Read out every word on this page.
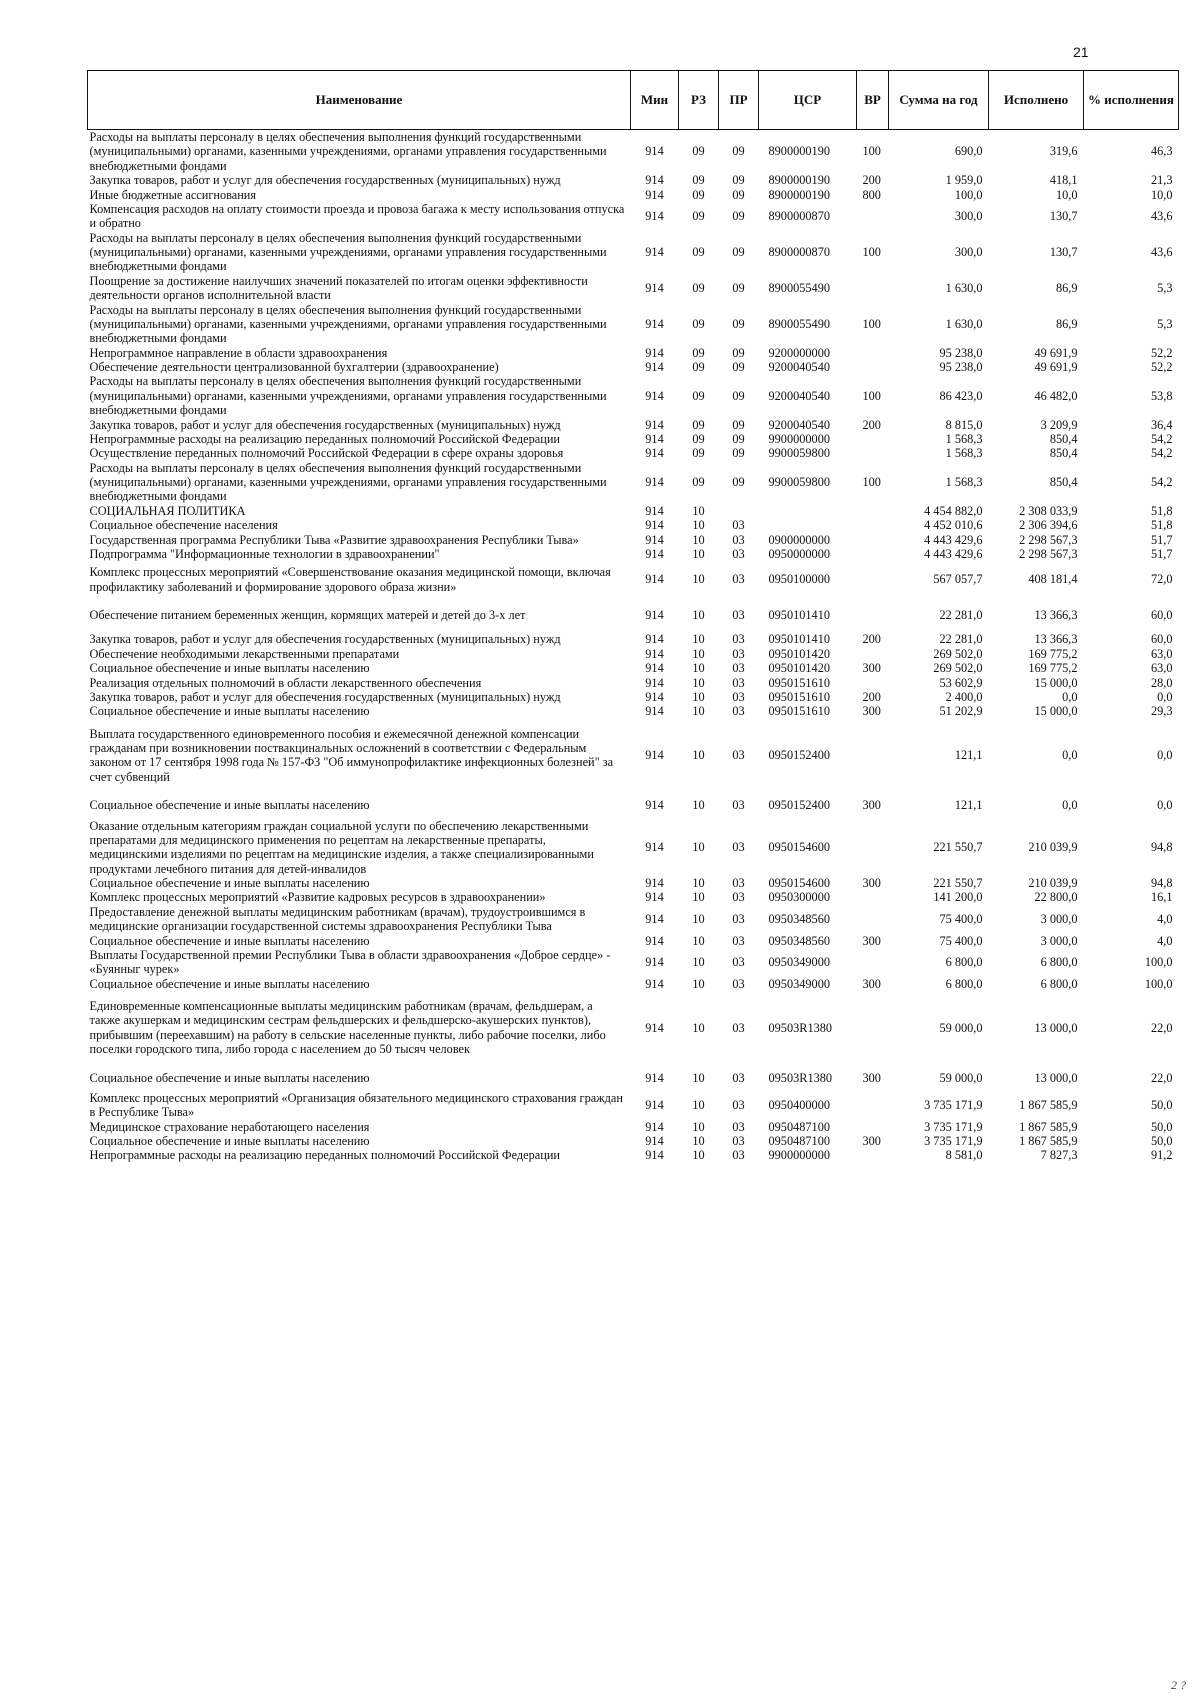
21
Наименование	Мин	РЗ	ПР	ЦСР	ВР	Сумма на год	Исполнено	% исполнения
Расходы на выплаты персоналу в целях обеспечения выполнения функций государственными (муниципальными) органами, казенными учреждениями, органами управления государственными внебюджетными фондами	914	09	09	8900000190	100	690,0	319,6	46,3
Закупка товаров, работ и услуг для обеспечения государственных (муниципальных) нужд	914	09	09	8900000190	200	1 959,0	418,1	21,3
Иные бюджетные ассигнования	914	09	09	8900000190	800	100,0	10,0	10,0
Компенсация расходов на оплату стоимости проезда и провоза багажа к месту использования отпуска и обратно	914	09	09	8900000870		300,0	130,7	43,6
Расходы на выплаты персоналу в целях обеспечения выполнения функций государственными (муниципальными) органами, казенными учреждениями, органами управления государственными внебюджетными фондами	914	09	09	8900000870	100	300,0	130,7	43,6
Поощрение за достижение наилучших значений показателей по итогам оценки эффективности деятельности органов исполнительной власти	914	09	09	8900055490		1 630,0	86,9	5,3
Расходы на выплаты персоналу в целях обеспечения выполнения функций государственными (муниципальными) органами, казенными учреждениями, органами управления государственными внебюджетными фондами	914	09	09	8900055490	100	1 630,0	86,9	5,3
Непрограммное направление в области здравоохранения	914	09	09	9200000000		95 238,0	49 691,9	52,2
Обеспечение деятельности централизованной бухгалтерии (здравоохранение)	914	09	09	9200040540		95 238,0	49 691,9	52,2
Расходы на выплаты персоналу в целях обеспечения выполнения функций государственными (муниципальными) органами, казенными учреждениями, органами управления государственными внебюджетными фондами	914	09	09	9200040540	100	86 423,0	46 482,0	53,8
Закупка товаров, работ и услуг для обеспечения государственных (муниципальных) нужд	914	09	09	9200040540	200	8 815,0	3 209,9	36,4
Непрограммные расходы на реализацию переданных полномочий Российской Федерации	914	09	09	9900000000		1 568,3	850,4	54,2
Осуществление переданных полномочий Российской Федерации в сфере охраны здоровья	914	09	09	9900059800		1 568,3	850,4	54,2
Расходы на выплаты персоналу в целях обеспечения выполнения функций государственными (муниципальными) органами, казенными учреждениями, органами управления государственными внебюджетными фондами	914	09	09	9900059800	100	1 568,3	850,4	54,2
СОЦИАЛЬНАЯ ПОЛИТИКА	914	10				4 454 882,0	2 308 033,9	51,8
Социальное обеспечение населения	914	10	03			4 452 010,6	2 306 394,6	51,8
Государственная программа Республики Тыва «Развитие здравоохранения Республики Тыва»	914	10	03	0900000000		4 443 429,6	2 298 567,3	51,7
Подпрограмма "Информационные технологии в здравоохранении"	914	10	03	0950000000		4 443 429,6	2 298 567,3	51,7
Комплекс процессных мероприятий «Совершенствование оказания медицинской помощи, включая профилактику заболеваний и формирование здорового образа жизни»	914	10	03	0950100000		567 057,7	408 181,4	72,0
Обеспечение питанием беременных женщин, кормящих матерей и детей до 3-х лет	914	10	03	0950101410		22 281,0	13 366,3	60,0
Закупка товаров, работ и услуг для обеспечения государственных (муниципальных) нужд	914	10	03	0950101410	200	22 281,0	13 366,3	60,0
Обеспечение необходимыми лекарственными препаратами	914	10	03	0950101420		269 502,0	169 775,2	63,0
Социальное обеспечение и иные выплаты населению	914	10	03	0950101420	300	269 502,0	169 775,2	63,0
Реализация отдельных полномочий в области лекарственного обеспечения	914	10	03	0950151610		53 602,9	15 000,0	28,0
Закупка товаров, работ и услуг для обеспечения государственных (муниципальных) нужд	914	10	03	0950151610	200	2 400,0	0,0	0,0
Социальное обеспечение и иные выплаты населению	914	10	03	0950151610	300	51 202,9	15 000,0	29,3
Выплата государственного единовременного пособия и ежемесячной денежной компенсации гражданам при возникновении поствакцинальных осложнений в соответствии с Федеральным законом от 17 сентября 1998 года № 157-ФЗ "Об иммунопрофилактике инфекционных болезней" за счет субвенций	914	10	03	0950152400		121,1	0,0	0,0
Социальное обеспечение и иные выплаты населению	914	10	03	0950152400	300	121,1	0,0	0,0
Оказание отдельным категориям граждан социальной услуги по обеспечению лекарственными препаратами для медицинского применения по рецептам на лекарственные препараты, медицинскими изделиями по рецептам на медицинские изделия, а также специализированными продуктами лечебного питания для детей-инвалидов	914	10	03	0950154600		221 550,7	210 039,9	94,8
Социальное обеспечение и иные выплаты населению	914	10	03	0950154600	300	221 550,7	210 039,9	94,8
Комплекс процессных мероприятий «Развитие кадровых ресурсов в здравоохранении»	914	10	03	0950300000		141 200,0	22 800,0	16,1
Предоставление денежной выплаты медицинским работникам (врачам), трудоустроившимся в медицинские организации государственной системы здравоохранения Республики Тыва	914	10	03	0950348560		75 400,0	3 000,0	4,0
Социальное обеспечение и иные выплаты населению	914	10	03	0950348560	300	75 400,0	3 000,0	4,0
Выплаты Государственной премии Республики Тыва в области здравоохранения «Доброе сердце» - «Буянныг чурек»	914	10	03	0950349000		6 800,0	6 800,0	100,0
Социальное обеспечение и иные выплаты населению	914	10	03	0950349000	300	6 800,0	6 800,0	100,0
Единовременные компенсационные выплаты медицинским работникам (врачам, фельдшерам, а также акушеркам и медицинским сестрам фельдшерских и фельдшерско-акушерских пунктов), прибывшим (переехавшим) на работу в сельские населенные пункты, либо рабочие поселки, либо поселки городского типа, либо города с населением до 50 тысяч человек	914	10	03	09503R1380		59 000,0	13 000,0	22,0
Социальное обеспечение и иные выплаты населению	914	10	03	09503R1380	300	59 000,0	13 000,0	22,0
Комплекс процессных мероприятий «Организация обязательного медицинского страхования граждан в Республике Тыва»	914	10	03	0950400000		3 735 171,9	1 867 585,9	50,0
Медицинское страхование неработающего населения	914	10	03	0950487100		3 735 171,9	1 867 585,9	50,0
Социальное обеспечение и иные выплаты населению	914	10	03	0950487100	300	3 735 171,9	1 867 585,9	50,0
Непрограммные расходы на реализацию переданных полномочий Российской Федерации	914	10	03	9900000000		8 581,0	7 827,3	91,2
2 ?
